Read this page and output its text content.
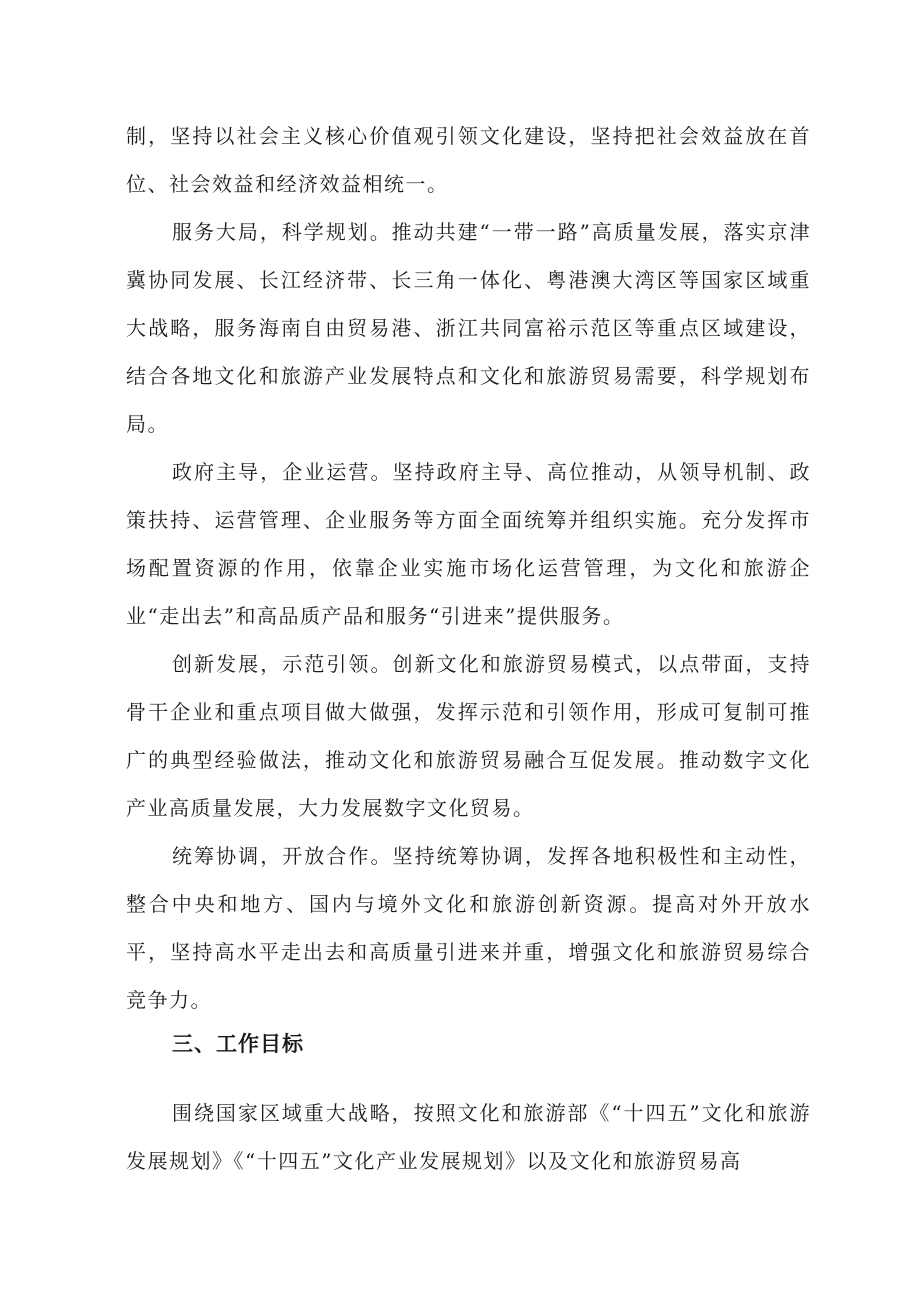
制，坚持以社会主义核心价值观引领文化建设，坚持把社会效益放在首位、社会效益和经济效益相统一。

服务大局，科学规划。推动共建“一带一路”高质量发展，落实京津冀协同发展、长江经济带、长三角一体化、粤港澳大湾区等国家区域重大战略，服务海南自由贸易港、浙江共同富裕示范区等重点区域建设，结合各地文化和旅游产业发展特点和文化和旅游贸易需要，科学规划布局。

政府主导，企业运营。坚持政府主导、高位推动，从领导机制、政策扶持、运营管理、企业服务等方面全面统筹并组织实施。充分发挥市场配置资源的作用，依靠企业实施市场化运营管理，为文化和旅游企业“走出去”和高品质产品和服务“引进来”提供服务。

创新发展，示范引领。创新文化和旅游贸易模式，以点带面，支持骨干企业和重点项目做大做强，发挥示范和引领作用，形成可复制可推广的典型经验做法，推动文化和旅游贸易融合互促发展。推动数字文化产业高质量发展，大力发展数字文化贸易。

统筹协调，开放合作。坚持统筹协调，发挥各地积极性和主动性，整合中央和地方、国内与境外文化和旅游创新资源。提高对外开放水平，坚持高水平走出去和高质量引进来并重，增强文化和旅游贸易综合竞争力。

三、工作目标

围绕国家区域重大战略，按照文化和旅游部《“十四五”文化和旅游发展规划》《“十四五”文化产业发展规划》以及文化和旅游贸易高
